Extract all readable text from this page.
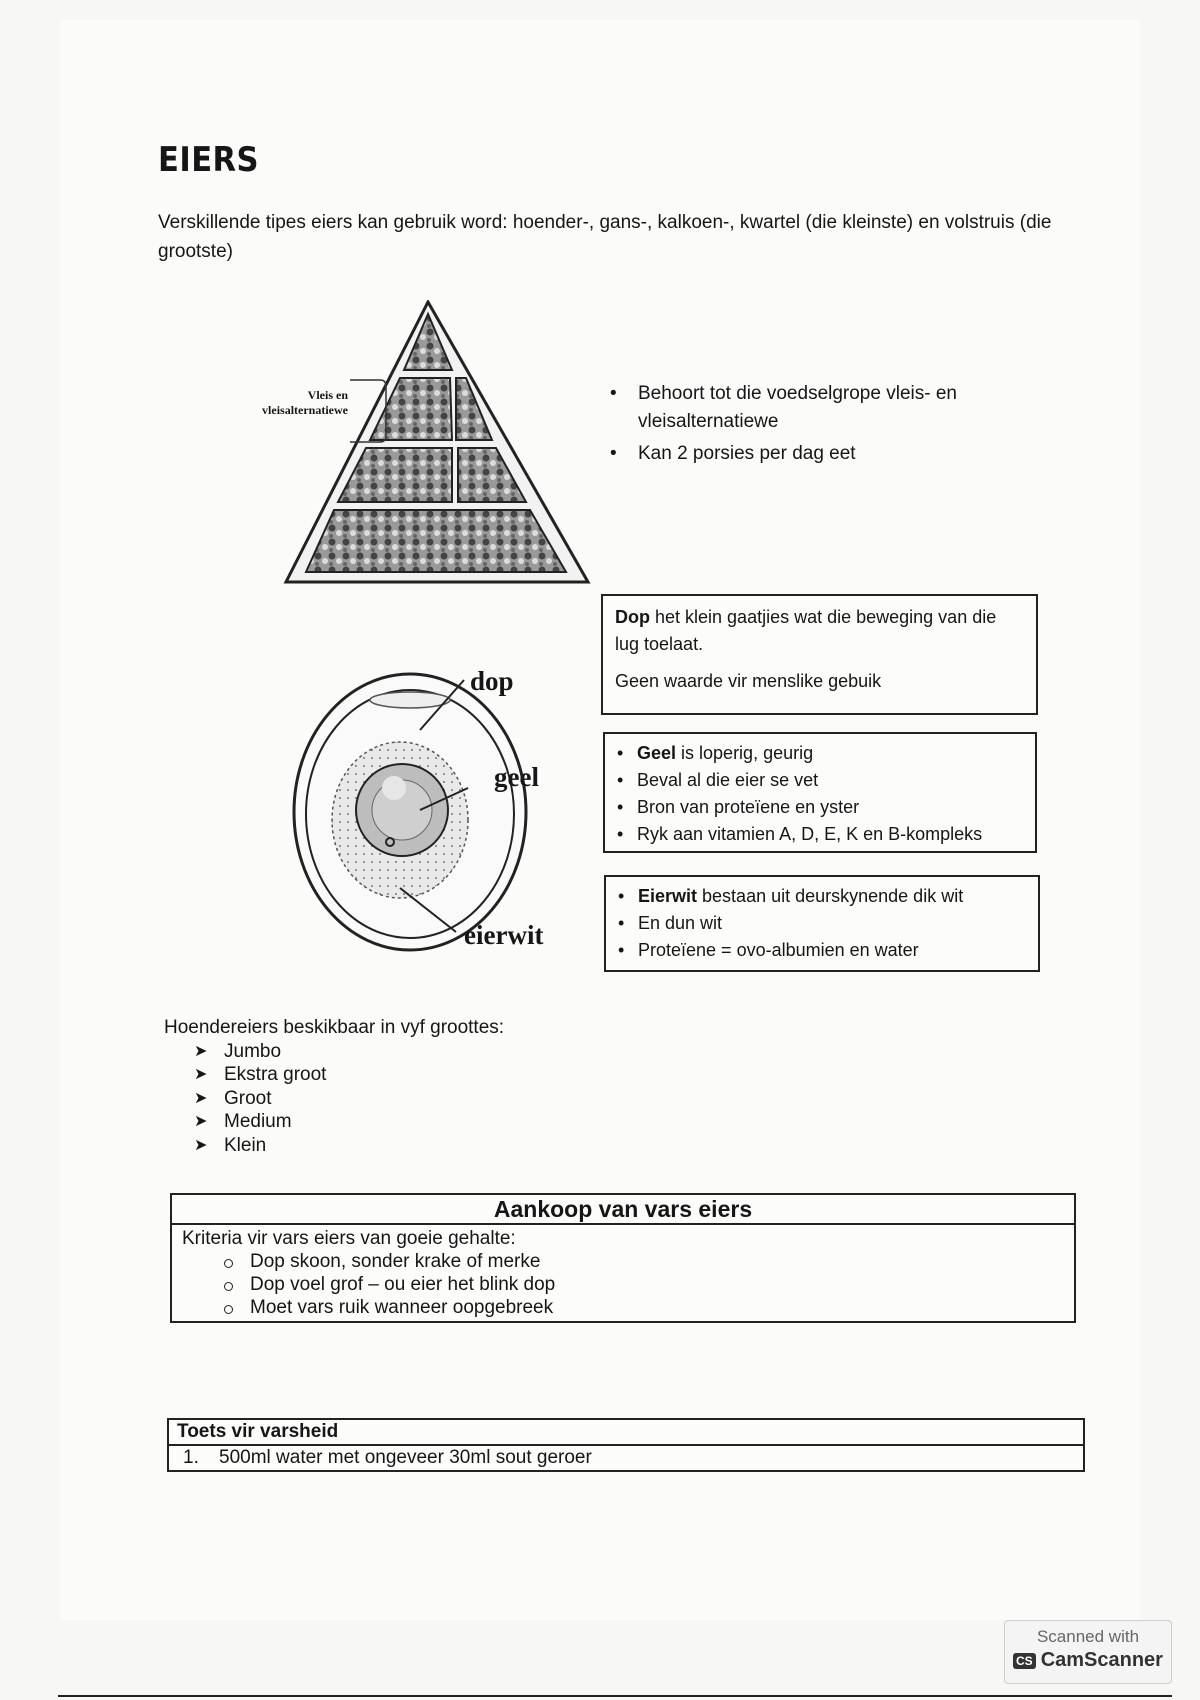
EIERS
Verskillende tipes eiers kan gebruik word: hoender-, gans-, kalkoen-, kwartel (die kleinste) en volstruis (die grootste)
Vleis en
vleisalternatiewe
• Behoort tot die voedselgrope vleis- en vleisalternatiewe
• Kan 2 porsies per dag eet
dop
geel
eierwit
Dop het klein gaatjies wat die beweging van die lug toelaat.
Geen waarde vir menslike gebuik
• Geel is loperig, geurig
• Beval al die eier se vet
• Bron van proteïene en yster
• Ryk aan vitamien A, D, E, K en B-kompleks
• Eierwit bestaan uit deurskynende dik wit
• En dun wit
• Proteïene = ovo-albumien en water
Hoendereiers beskikbaar in vyf groottes:
➤ Jumbo
➤ Ekstra groot
➤ Groot
➤ Medium
➤ Klein
Aankoop van vars eiers
Kriteria vir vars eiers van goeie gehalte:
Dop skoon, sonder krake of merke
Dop voel grof – ou eier het blink dop
Moet vars ruik wanneer oopgebreek
Toets vir varsheid
1. 500ml water met ongeveer 30ml sout geroer
Scanned with
CS CamScanner
